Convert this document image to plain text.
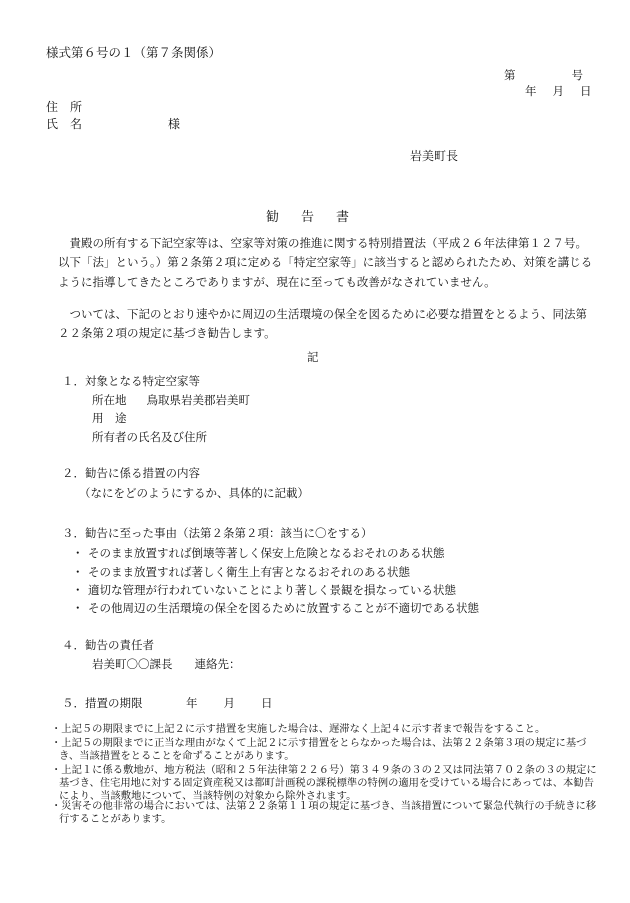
様式第６号の１（第７条関係）
第	号
年 月 日
住　所
氏　名	様
岩美町長
勧告書

貴殿の所有する下記空家等は、空家等対策の推進に関する特別措置法（平成２６年法律第１２７号。以下「法」という。）第２条第２項に定める「特定空家等」に該当すると認められたため、対策を講じるように指導してきたところでありますが、現在に至っても改善がなされていません。

ついては、下記のとおり速やかに周辺の生活環境の保全を図るために必要な措置をとるよう、同法第２２条第２項の規定に基づき勧告します。

記
１．対象となる特定空家等
所在地 鳥取県岩美郡岩美町
用　途
所有者の氏名及び住所
２．勧告に係る措置の内容
（なにをどのようにするか、具体的に記載）
３．勧告に至った事由（法第２条第２項：該当に〇をする）
・ そのまま放置すれば倒壊等著しく保安上危険となるおそれのある状態
・ そのまま放置すれば著しく衛生上有害となるおそれのある状態
・ 適切な管理が行われていないことにより著しく景観を損なっている状態
・ その他周辺の生活環境の保全を図るために放置することが不適切である状態
４．勧告の責任者
岩美町〇〇課長 連絡先：
５．措置の期限	年 月 日

・上記５の期限までに上記２に示す措置を実施した場合は、遅滞なく上記４に示す者まで報告をすること。

・上記５の期限までに正当な理由がなくて上記２に示す措置をとらなかった場合は、法第２２条第３項の規定に基づき、当該措置をとることを命ずることがあります。

・上記１に係る敷地が、地方税法（昭和２５年法律第２２６号）第３４９条の３の２又は同法第７０２条の３の規定に基づき、住宅用地に対する固定資産税又は都町計画税の課税標準の特例の適用を受けている場合にあっては、本勧告により、当該敷地について、当該特例の対象から除外されます。

・災害その他非常の場合においては、法第２２条第１１項の規定に基づき、当該措置について緊急代執行の手続きに移行することがあります。
